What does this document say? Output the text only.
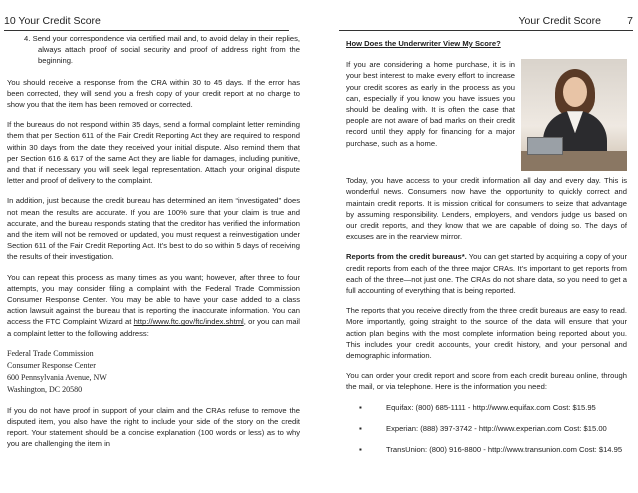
10 Your Credit Score

4. Send your correspondence via certified mail and, to avoid delay in their replies, always attach proof of social security and proof of address right from the beginning.

You should receive a response from the CRA within 30 to 45 days. If the error has been corrected, they will send you a fresh copy of your credit report at no charge to show you that the item has been removed or corrected.

If the bureaus do not respond within 35 days, send a formal complaint letter reminding them that per Section 611 of the Fair Credit Reporting Act they are required to respond within 30 days from the date they received your initial dispute. Also remind them that per Section 616 & 617 of the same Act they are liable for damages, including punitive, and that if necessary you will seek legal representation. Attach your original dispute letter and proof of delivery to the complaint.

In addition, just because the credit bureau has determined an item “investigated” does not mean the results are accurate. If you are 100% sure that your claim is true and accurate, and the bureau responds stating that the creditor has verified the information and the item will not be removed or updated, you must request a reinvestigation under Section 611 of the Fair Credit Reporting Act. It’s best to do so within 5 days of receiving the results of their investigation.

You can repeat this process as many times as you want; however, after three to four attempts, you may consider filing a complaint with the Federal Trade Commission Consumer Response Center. You may be able to have your case added to a class action lawsuit against the bureau that is reporting the inaccurate information. You can access the FTC Complaint Wizard at http://www.ftc.gov/ftc/index.shtml, or you can mail a complaint letter to the following address:

Federal Trade Commission
Consumer Response Center
600 Pennsylvania Avenue, NW
Washington, DC 20580

If you do not have proof in support of your claim and the CRAs refuse to remove the disputed item, you also have the right to include your side of the story on the credit report. Your statement should be a concise explanation (100 words or less) as to why you are challenging the item in

Your Credit Score 7
How Does the Underwriter View My Score?

If you are considering a home purchase, it is in your best interest to make every effort to increase your credit scores as early in the process as you can, especially if you know you have issues you should be dealing with. It is often the case that people are not aware of bad marks on their credit record until they apply for financing for a major purchase, such as a home.

Today, you have access to your credit information all day and every day. This is wonderful news. Consumers now have the opportunity to quickly correct and maintain credit reports. It is mission critical for consumers to seize that advantage by assuming responsibility. Lenders, employers, and vendors judge us based on our credit reports, and they know that we are capable of doing so. The days of excuses are in the rearview mirror.

Reports from the credit bureaus*. You can get started by acquiring a copy of your credit reports from each of the three major CRAs. It’s important to get reports from each of the three—not just one. The CRAs do not share data, so you need to get a full accounting of everything that is being reported.

The reports that you receive directly from the three credit bureaus are easy to read. More importantly, going straight to the source of the data will ensure that your action plan begins with the most complete information being reported about you. This includes your credit accounts, your credit history, and your personal and demographic information.

You can order your credit report and score from each credit bureau online, through the mail, or via telephone. Here is the information you need:

▪	Equifax: (800) 685-1111 - http://www.equifax.com Cost: $15.95
▪	Experian: (888) 397-3742 - http://www.experian.com Cost: $15.00
▪	TransUnion: (800) 916-8800 - http://www.transunion.com Cost: $14.95
